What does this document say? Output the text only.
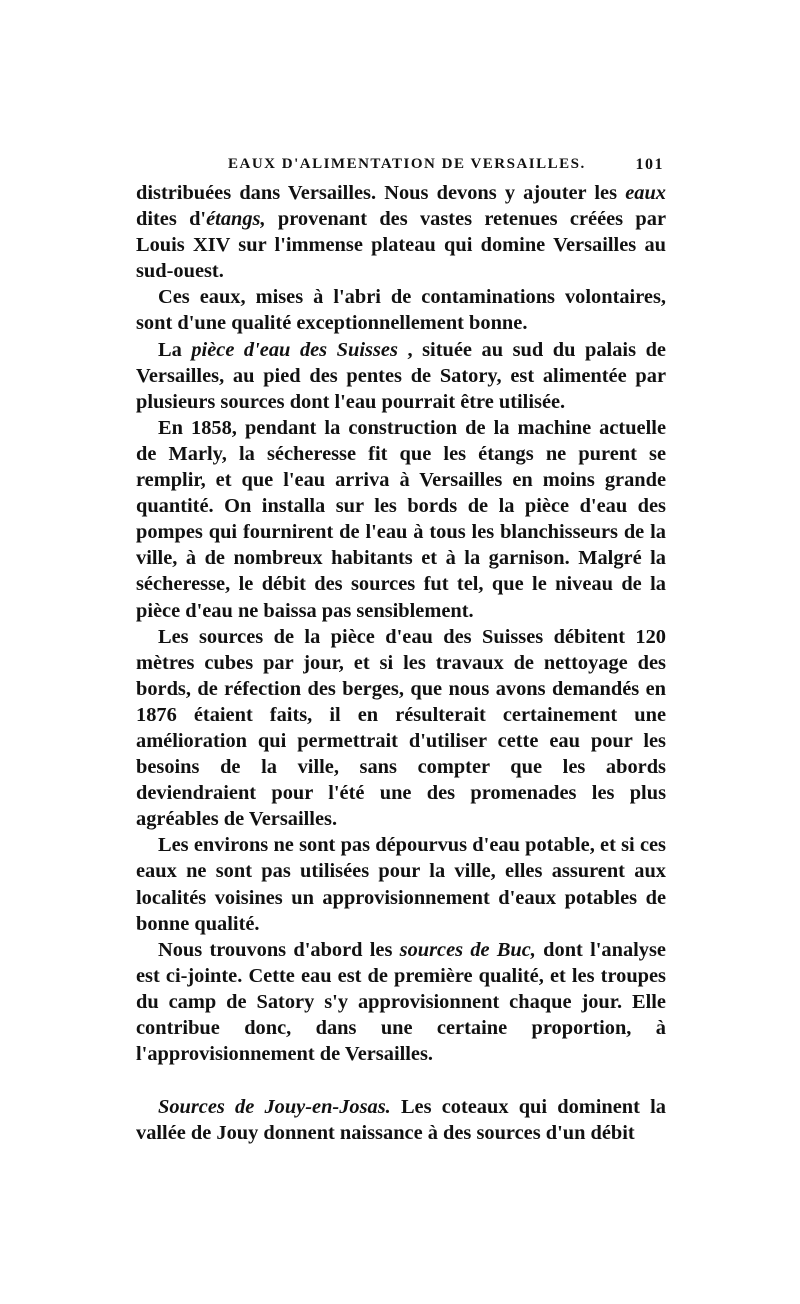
EAUX D'ALIMENTATION DE VERSAILLES.	101

distribuées dans Versailles. Nous devons y ajouter les eaux dites d'étangs, provenant des vastes retenues créées par Louis XIV sur l'immense plateau qui domine Versailles au sud-ouest.

Ces eaux, mises à l'abri de contaminations volontaires, sont d'une qualité exceptionnellement bonne.

La pièce d'eau des Suisses , située au sud du palais de Versailles, au pied des pentes de Satory, est alimentée par plusieurs sources dont l'eau pourrait être utilisée.

En 1858, pendant la construction de la machine actuelle de Marly, la sécheresse fit que les étangs ne purent se remplir, et que l'eau arriva à Versailles en moins grande quantité. On installa sur les bords de la pièce d'eau des pompes qui fournirent de l'eau à tous les blanchisseurs de la ville, à de nombreux habitants et à la garnison. Malgré la sécheresse, le débit des sources fut tel, que le niveau de la pièce d'eau ne baissa pas sensiblement.

Les sources de la pièce d'eau des Suisses débitent 120 mètres cubes par jour, et si les travaux de nettoyage des bords, de réfection des berges, que nous avons demandés en 1876 étaient faits, il en résulterait certainement une amélioration qui permettrait d'utiliser cette eau pour les besoins de la ville, sans compter que les abords deviendraient pour l'été une des promenades les plus agréables de Versailles.

Les environs ne sont pas dépourvus d'eau potable, et si ces eaux ne sont pas utilisées pour la ville, elles assurent aux localités voisines un approvisionnement d'eaux potables de bonne qualité.

Nous trouvons d'abord les sources de Buc, dont l'analyse est ci-jointe. Cette eau est de première qualité, et les troupes du camp de Satory s'y approvisionnent chaque jour. Elle contribue donc, dans une certaine proportion, à l'approvisionnement de Versailles.

Sources de Jouy-en-Josas. Les coteaux qui dominent la vallée de Jouy donnent naissance à des sources d'un débit
